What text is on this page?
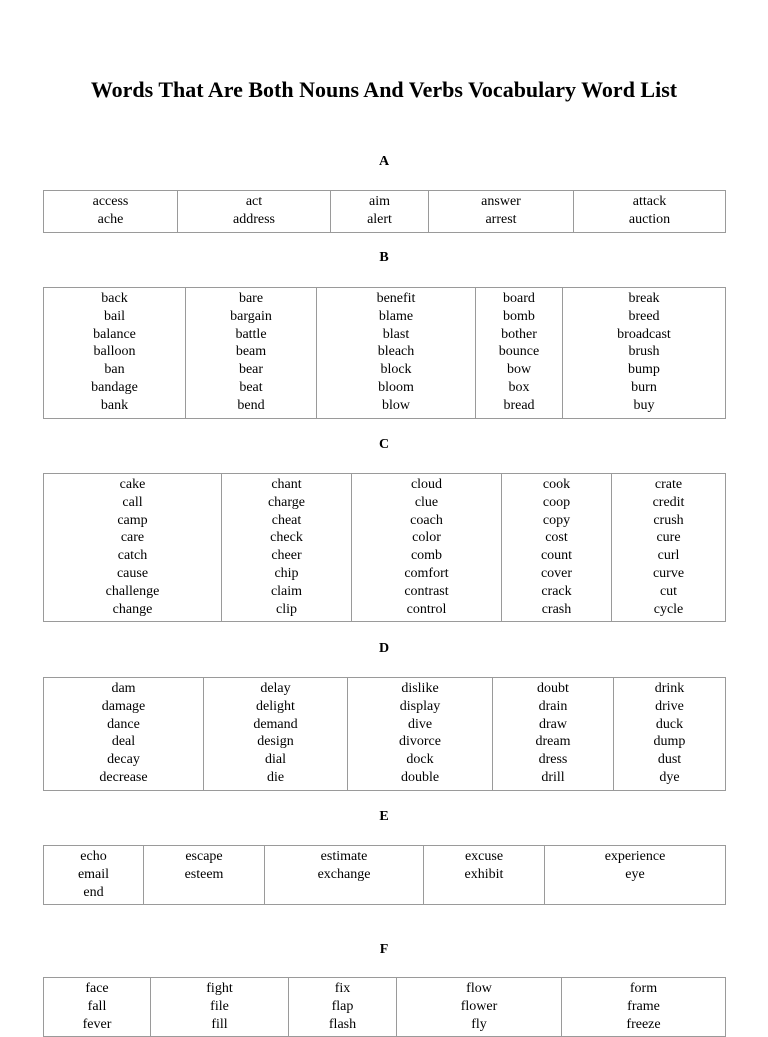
Words That Are Both Nouns And Verbs Vocabulary Word List
A
access
ache

act
address

aim
alert

answer
arrest

attack
auction
B
back
bail
balance
balloon
ban
bandage
bank

bare
bargain
battle
beam
bear
beat
bend

benefit
blame
blast
bleach
block
bloom
blow

board
bomb
bother
bounce
bow
box
bread

break
breed
broadcast
brush
bump
burn
buy
C
cake
call
camp
care
catch
cause
challenge
change

chant
charge
cheat
check
cheer
chip
claim
clip

cloud
clue
coach
color
comb
comfort
contrast
control

cook
coop
copy
cost
count
cover
crack
crash

crate
credit
crush
cure
curl
curve
cut
cycle
D
dam
damage
dance
deal
decay
decrease

delay
delight
demand
design
dial
die

dislike
display
dive
divorce
dock
double

doubt
drain
draw
dream
dress
drill

drink
drive
duck
dump
dust
dye
E
echo
email
end

escape
esteem

estimate
exchange

excuse
exhibit

experience
eye
F
face
fall
fever

fight
file
fill

fix
flap
flash

flow
flower
fly

form
frame
freeze
